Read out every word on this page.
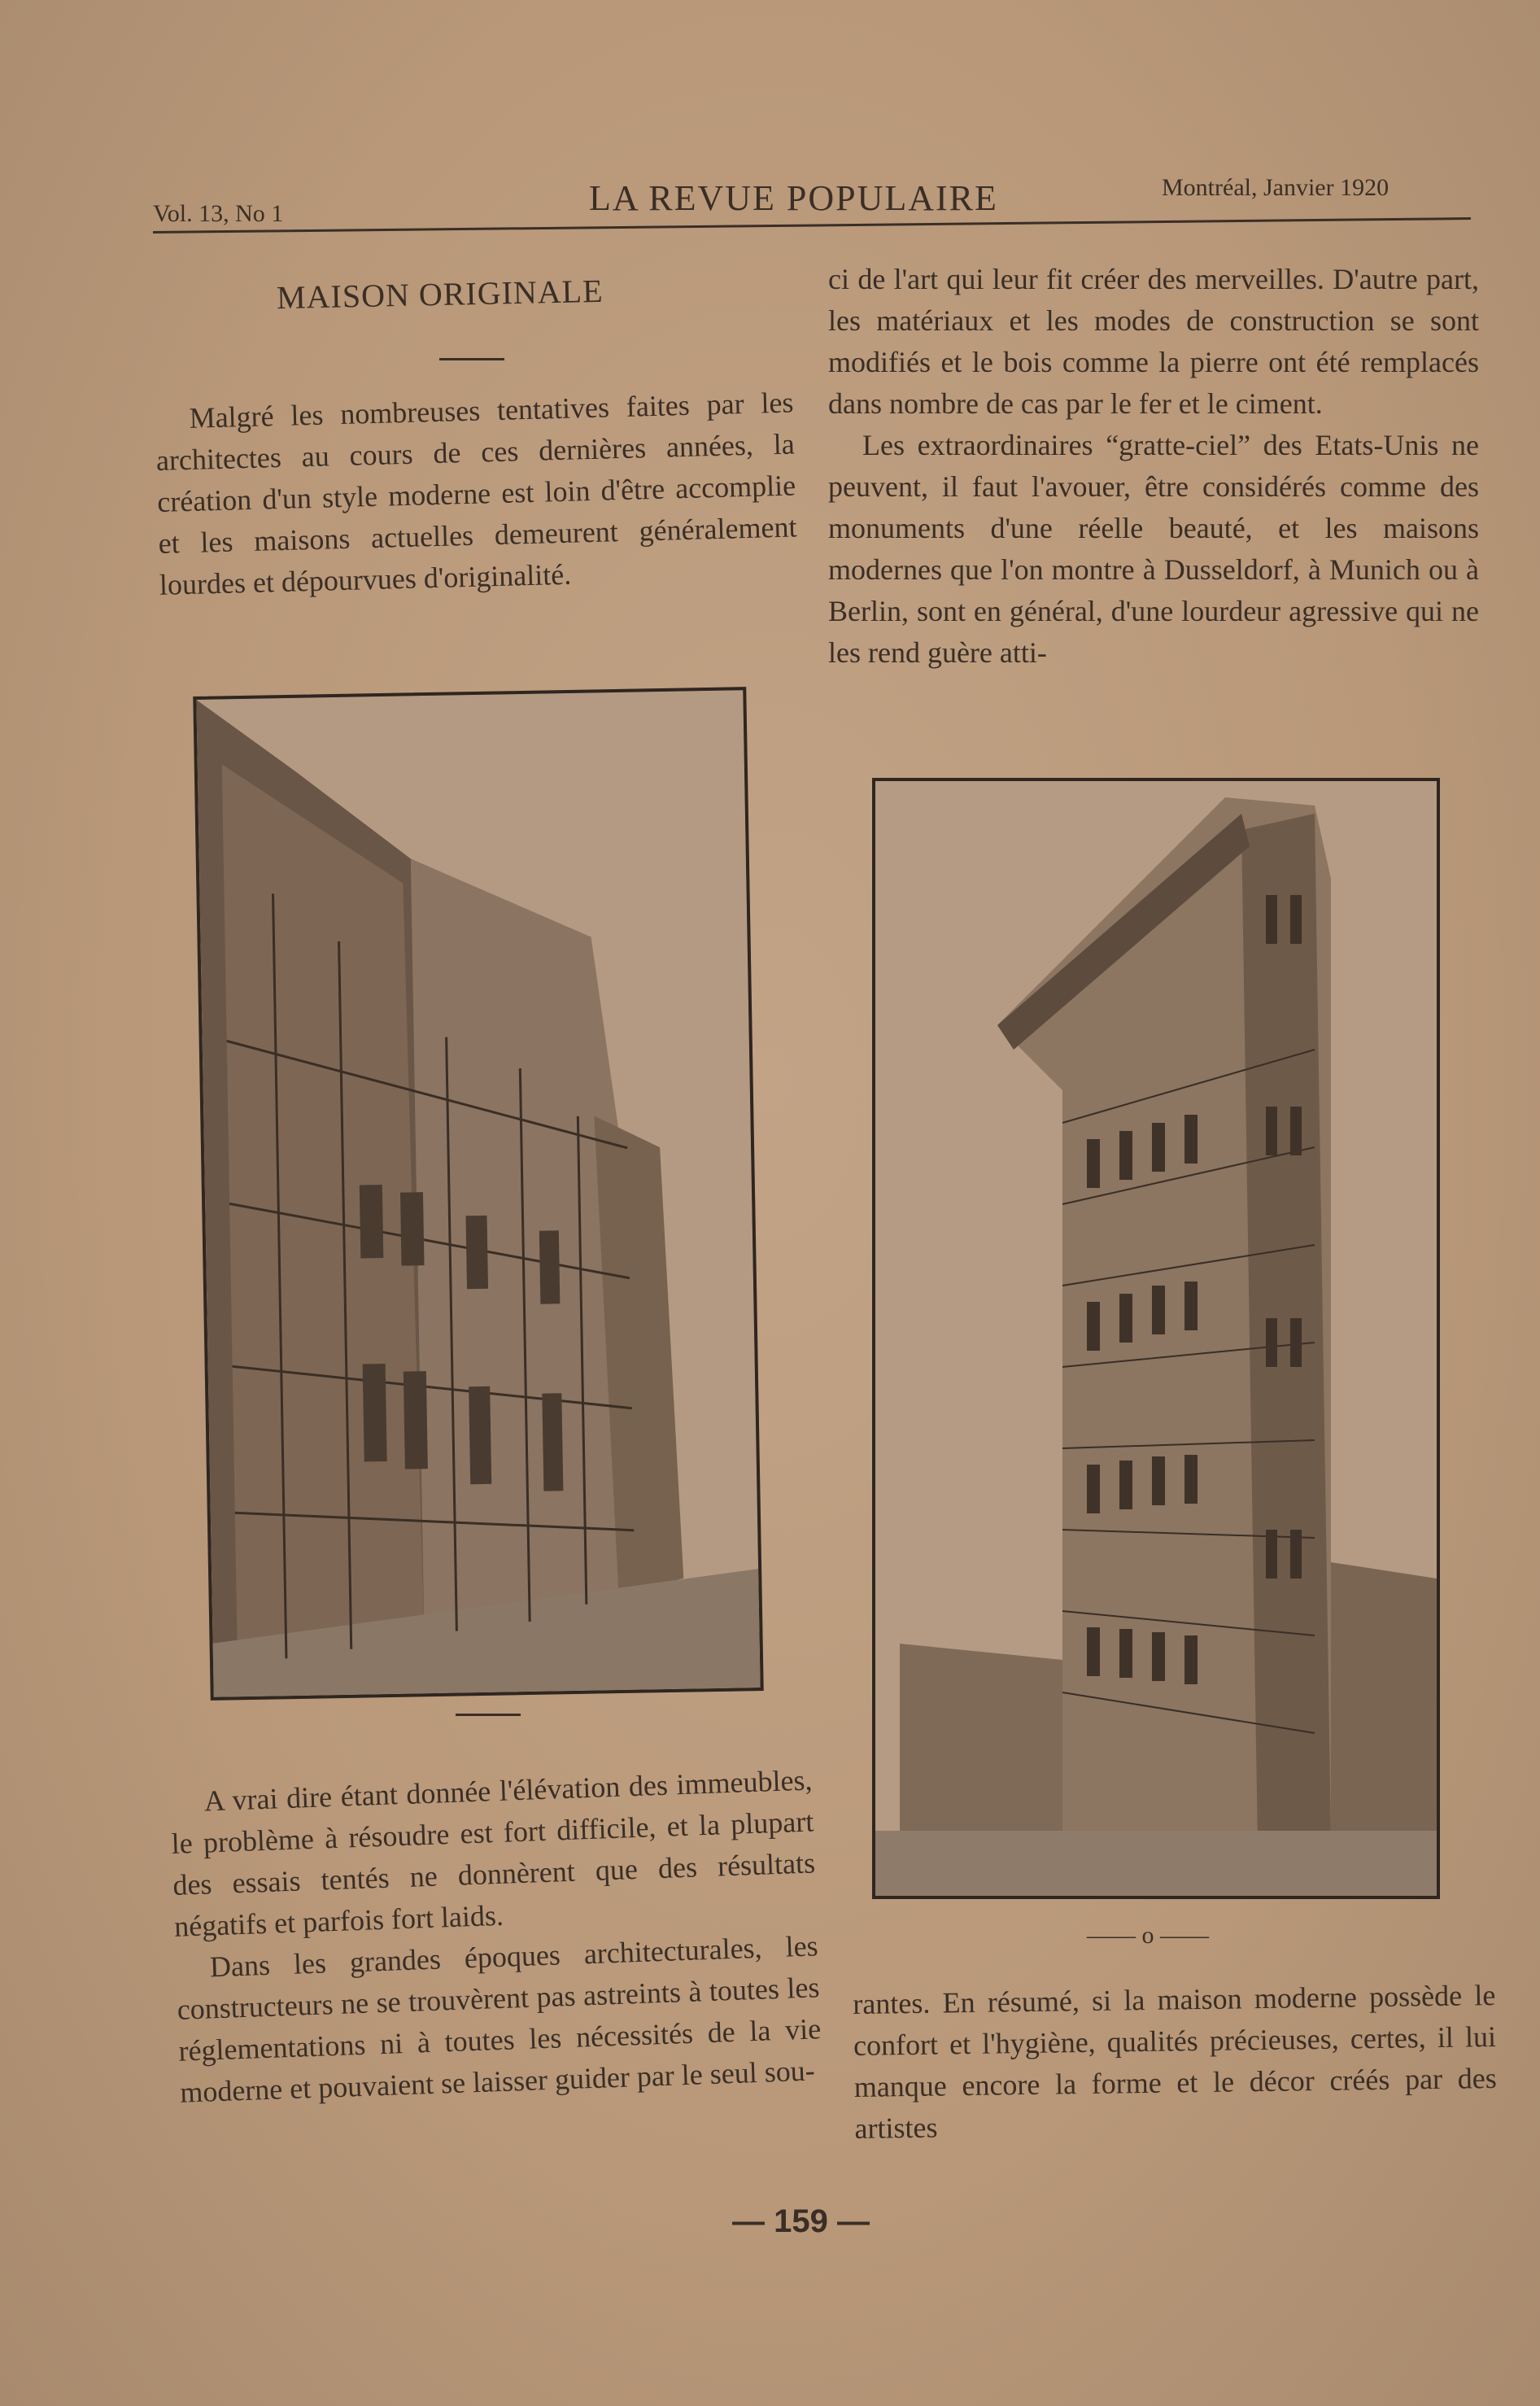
Vol. 13, No 1	LA REVUE POPULAIRE	Montréal, Janvier 1920
MAISON ORIGINALE

Malgré les nombreuses tentatives faites par les architectes au cours de ces dernières années, la création d'un style moderne est loin d'être accomplie et les maisons actuelles demeurent généralement lourdes et dépourvues d'originalité.

ci de l'art qui leur fit créer des merveilles. D'autre part, les matériaux et les modes de construction se sont modifiés et le bois comme la pierre ont été remplacés dans nombre de cas par le fer et le ciment.

Les extraordinaires “gratte-ciel” des Etats-Unis ne peuvent, il faut l'avouer, être considérés comme des monuments d'une réelle beauté, et les maisons modernes que l'on montre à Dusseldorf, à Munich ou à Berlin, sont en général, d'une lourdeur agressive qui ne les rend guère atti-

—— o ——

A vrai dire étant donnée l'élévation des immeubles, le problème à résoudre est fort difficile, et la plupart des essais tentés ne donnèrent que des résultats négatifs et parfois fort laids.

Dans les grandes époques architecturales, les constructeurs ne se trouvèrent pas astreints à toutes les réglementations ni à toutes les nécessités de la vie moderne et pouvaient se laisser guider par le seul sou-

rantes. En résumé, si la maison moderne possède le confort et l'hygiène, qualités précieuses, certes, il lui manque encore la forme et le décor créés par des artistes

— 159 —
